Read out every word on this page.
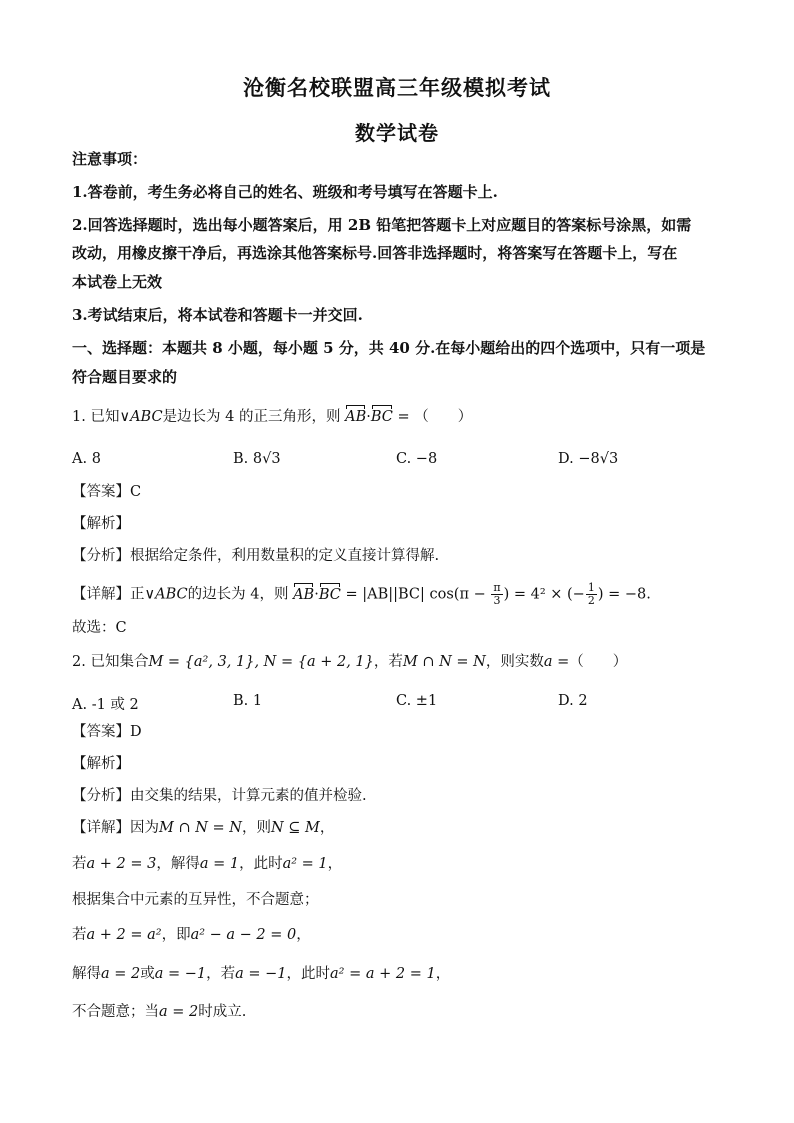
沧衡名校联盟高三年级模拟考试
数学试卷
注意事项：
1.答卷前，考生务必将自己的姓名、班级和考号填写在答题卡上.
2.回答选择题时，选出每小题答案后，用 2B 铅笔把答题卡上对应题目的答案标号涂黑，如需
改动，用橡皮擦干净后，再选涂其他答案标号.回答非选择题时，将答案写在答题卡上，写在
本试卷上无效
3.考试结束后，将本试卷和答题卡一并交回.
一、选择题：本题共 8 小题，每小题 5 分，共 40 分.在每小题给出的四个选项中，只有一项是
符合题目要求的
1. 已知∨ABC是边长为 4 的正三角形，则 AB·BC = （　　）
A. 8	B. 8√3	C. −8	D. −8√3
【答案】C
【解析】
【分析】根据给定条件，利用数量积的定义直接计算得解.
【详解】正∨ABC的边长为 4，则 AB·BC = |AB||BC| $\cos(\pi - \frac{\pi}{3}$ ) = 4² × (− $\frac{1}{2}$ ) = −8.
故选：C
2. 已知集合M = {a², 3, 1}, N = {a + 2, 1}，若M ∩ N = N，则实数a =（　　）
A. -1 或 2	B. 1	C. ±1	D. 2
【答案】D
【解析】
【分析】由交集的结果，计算元素的值并检验.
【详解】因为M ∩ N = N，则N ⊆ M，
若a + 2 = 3，解得a = 1，此时a² = 1，
根据集合中元素的互异性，不合题意；
若a + 2 = a²，即a² − a − 2 = 0，
解得a = 2或a = −1，若a = −1，此时a² = a + 2 = 1，
不合题意；当a = 2时成立.
